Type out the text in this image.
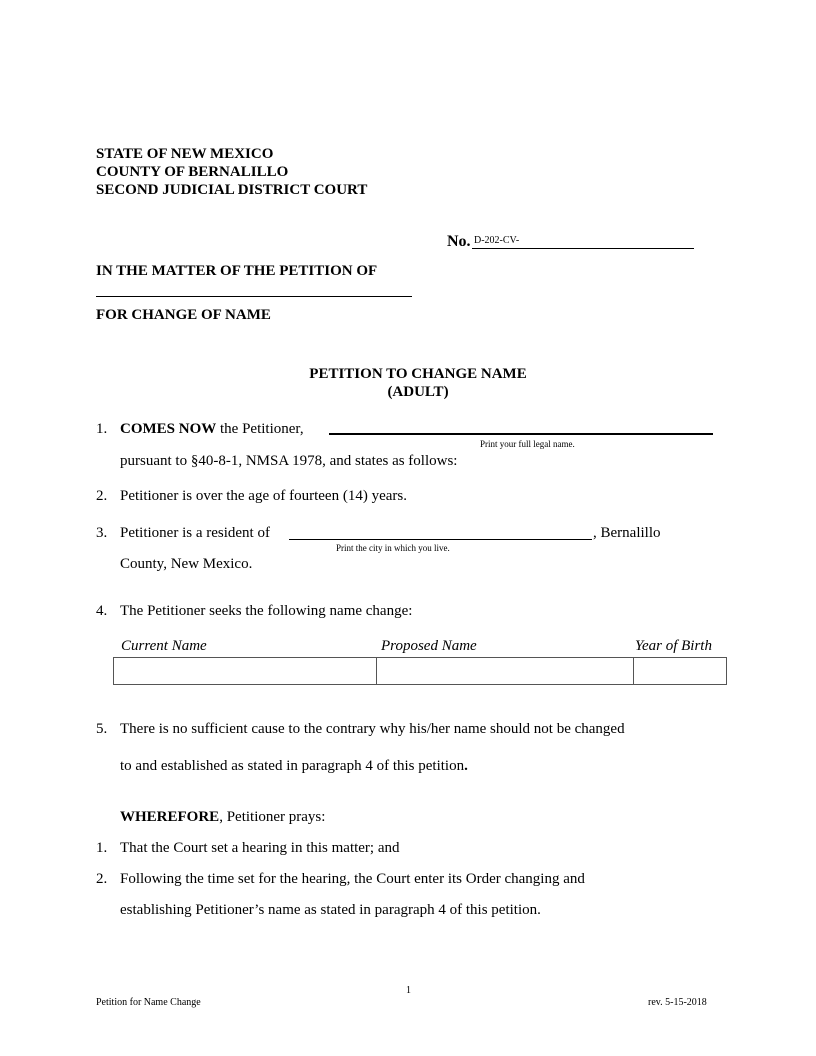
STATE OF NEW MEXICO
COUNTY OF BERNALILLO
SECOND JUDICIAL DISTRICT COURT
No. D-202-CV-
IN THE MATTER OF THE PETITION OF
FOR CHANGE OF NAME
PETITION TO CHANGE NAME
(ADULT)
1. COMES NOW the Petitioner,
Print your full legal name.
pursuant to §40-8-1, NMSA 1978, and states as follows:
2. Petitioner is over the age of fourteen (14) years.
3. Petitioner is a resident of	, Bernalillo
Print the city in which you live.
County, New Mexico.
4. The Petitioner seeks the following name change:
Current Name	Proposed Name	Year of Birth
5. There is no sufficient cause to the contrary why his/her name should not be changed
to and established as stated in paragraph 4 of this petition.
WHEREFORE, Petitioner prays:
1. That the Court set a hearing in this matter; and
2. Following the time set for the hearing, the Court enter its Order changing and
establishing Petitioner’s name as stated in paragraph 4 of this petition.
1
Petition for Name Change	rev. 5-15-2018
